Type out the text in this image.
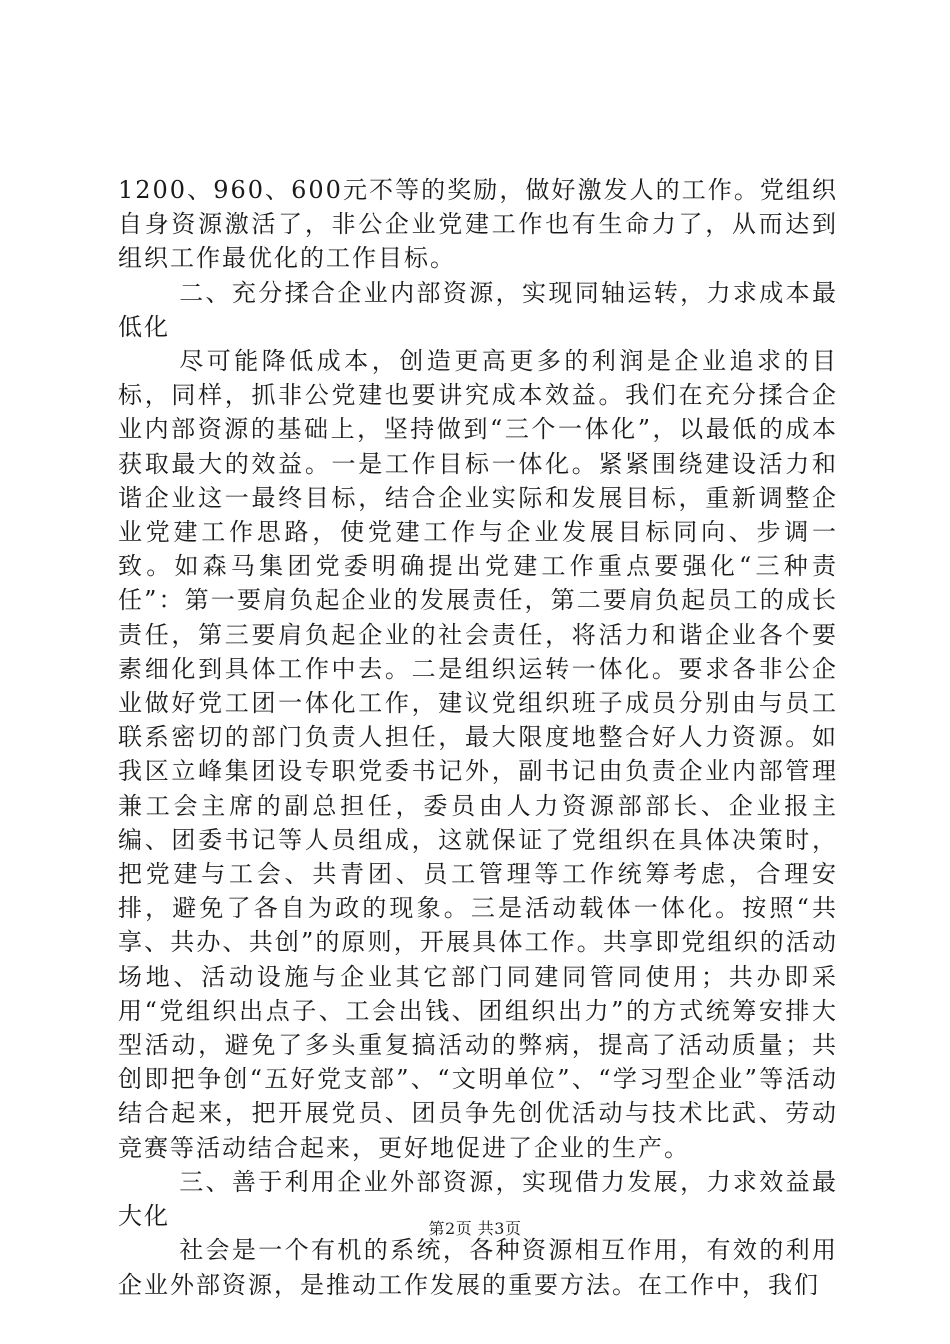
1200、960、600元不等的奖励，做好激发人的工作。党组织自身资源激活了，非公企业党建工作也有生命力了，从而达到组织工作最优化的工作目标。

二、充分揉合企业内部资源，实现同轴运转，力求成本最低化

尽可能降低成本，创造更高更多的利润是企业追求的目标，同样，抓非公党建也要讲究成本效益。我们在充分揉合企业内部资源的基础上，坚持做到“三个一体化”，以最低的成本获取最大的效益。一是工作目标一体化。紧紧围绕建设活力和谐企业这一最终目标，结合企业实际和发展目标，重新调整企业党建工作思路，使党建工作与企业发展目标同向、步调一致。如森马集团党委明确提出党建工作重点要强化“三种责任”：第一要肩负起企业的发展责任，第二要肩负起员工的成长责任，第三要肩负起企业的社会责任，将活力和谐企业各个要素细化到具体工作中去。二是组织运转一体化。要求各非公企业做好党工团一体化工作，建议党组织班子成员分别由与员工联系密切的部门负责人担任，最大限度地整合好人力资源。如我区立峰集团设专职党委书记外，副书记由负责企业内部管理兼工会主席的副总担任，委员由人力资源部部长、企业报主编、团委书记等人员组成，这就保证了党组织在具体决策时，把党建与工会、共青团、员工管理等工作统筹考虑，合理安排，避免了各自为政的现象。三是活动载体一体化。按照“共享、共办、共创”的原则，开展具体工作。共享即党组织的活动场地、活动设施与企业其它部门同建同管同使用；共办即采用“党组织出点子、工会出钱、团组织出力”的方式统筹安排大型活动，避免了多头重复搞活动的弊病，提高了活动质量；共创即把争创“五好党支部”、“文明单位”、“学习型企业”等活动结合起来，把开展党员、团员争先创优活动与技术比武、劳动竞赛等活动结合起来，更好地促进了企业的生产。

三、善于利用企业外部资源，实现借力发展，力求效益最大化

社会是一个有机的系统，各种资源相互作用，有效的利用企业外部资源，是推动工作发展的重要方法。在工作中，我们

第2页 共3页
